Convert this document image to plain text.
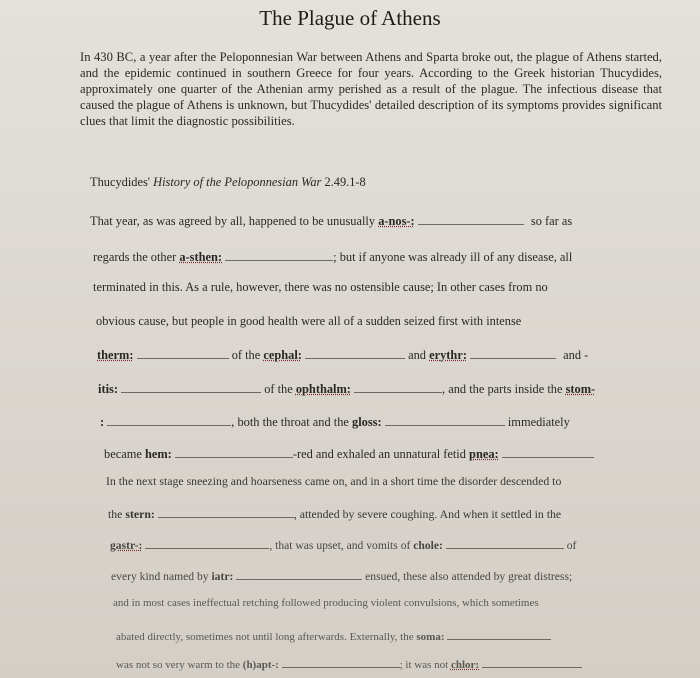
The Plague of Athens
In 430 BC, a year after the Peloponnesian War between Athens and Sparta broke out, the plague of Athens started, and the epidemic continued in southern Greece for four years. According to the Greek historian Thucydides, approximately one quarter of the Athenian army perished as a result of the plague. The infectious disease that caused the plague of Athens is unknown, but Thucydides' detailed description of its symptoms provides significant clues that limit the diagnostic possibilities.
Thucydides' History of the Peloponnesian War 2.49.1-8
That year, as was agreed by all, happened to be unusually a-nos-:	so far as
regards the other a-sthen:	; but if anyone was already ill of any disease, all
terminated in this. As a rule, however, there was no ostensible cause; In other cases from no
obvious cause, but people in good health were all of a sudden seized first with intense
therm:	of the cephal:	and erythr:	and -
itis:	of the ophthalm:	, and the parts inside the stom-
:	, both the throat and the gloss:	immediately
became hem:	-red and exhaled an unnatural fetid pnea:
In the next stage sneezing and hoarseness came on, and in a short time the disorder descended to
the stern:	, attended by severe coughing. And when it settled in the
gastr-:	, that was upset, and vomits of chole:	of
every kind named by iatr:	ensued, these also attended by great distress;
and in most cases ineffectual retching followed producing violent convulsions, which sometimes
abated directly, sometimes not until long afterwards. Externally, the soma:
was not so very warm to the (h)apt-:	; it was not chlor:
